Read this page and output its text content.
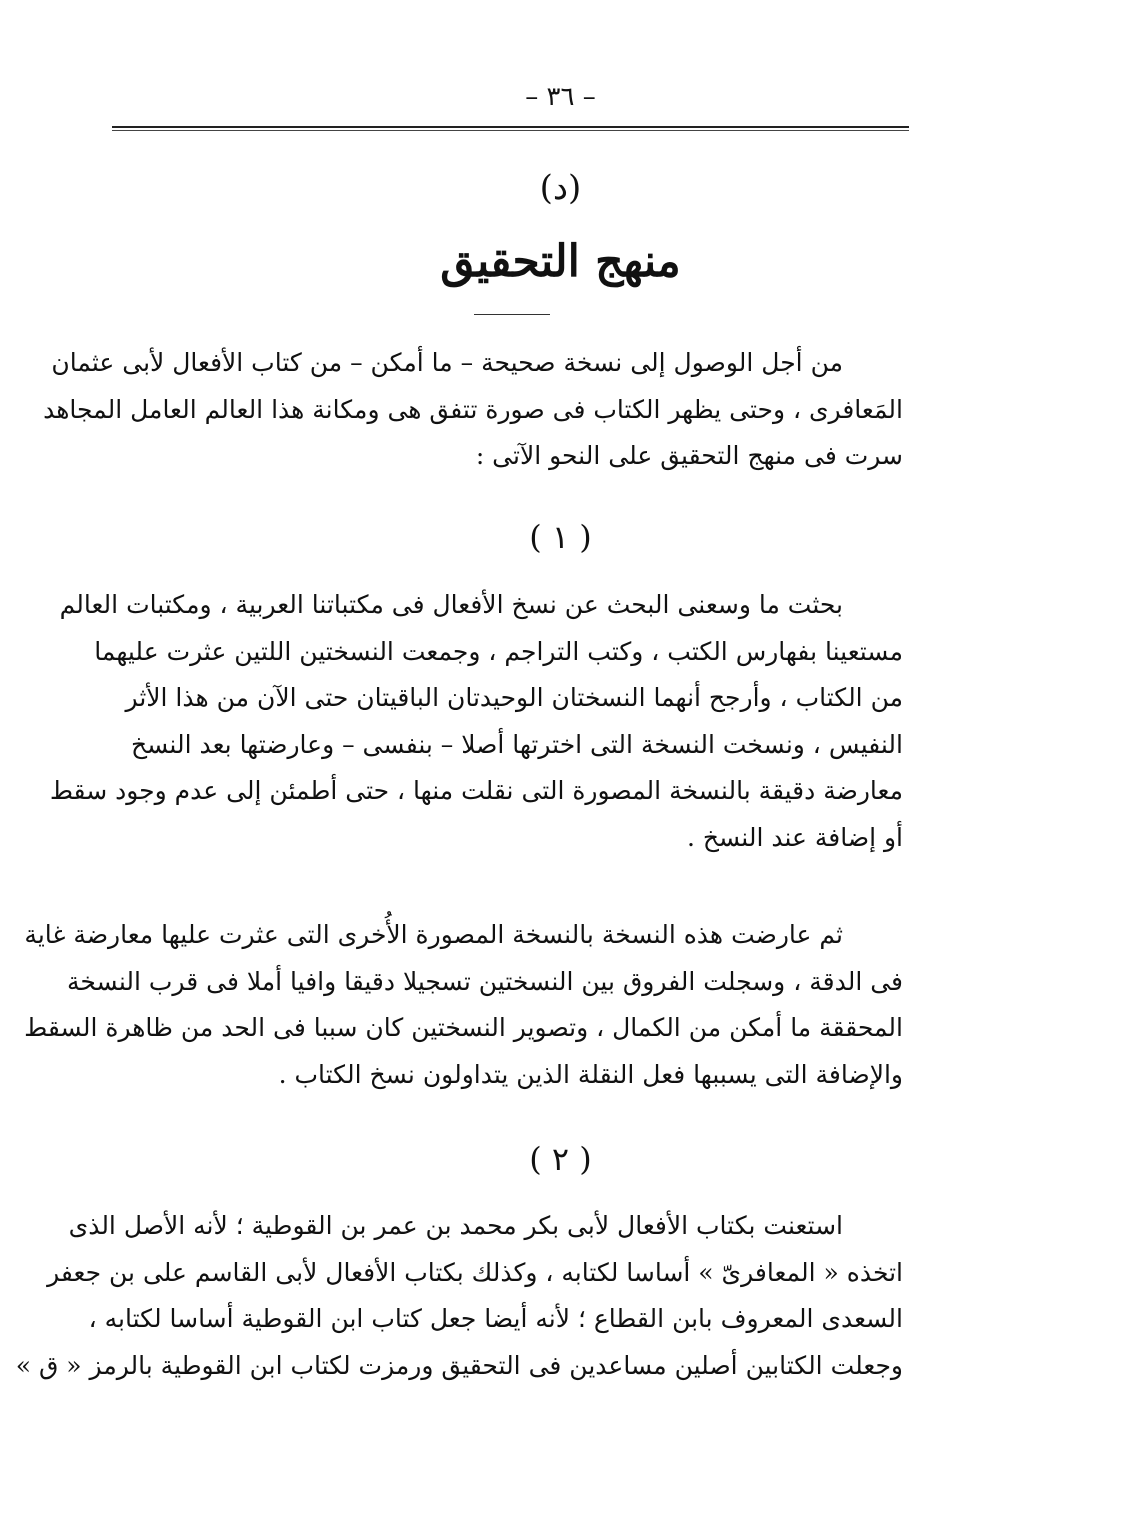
– ٣٦ –
(د)
منهج التحقيق
من أجل الوصول إلى نسخة صحيحة – ما أمكن – من كتاب الأفعال لأبى عثمان
المَعافرى ، وحتى يظهر الكتاب فى صورة تتفق هى ومكانة هذا العالم العامل المجاهد
سرت فى منهج التحقيق على النحو الآتى :
( ١ )
بحثت ما وسعنى البحث عن نسخ الأفعال فى مكتباتنا العربية ، ومكتبات العالم
مستعينا بفهارس الكتب ، وكتب التراجم ، وجمعت النسختين اللتين عثرت عليهما
من الكتاب ، وأرجح أنهما النسختان الوحيدتان الباقيتان حتى الآن من هذا الأثر
النفيس ، ونسخت النسخة التى اخترتها أصلا – بنفسى – وعارضتها بعد النسخ
معارضة دقيقة بالنسخة المصورة التى نقلت منها ، حتى أطمئن إلى عدم وجود سقط
أو إضافة عند النسخ .
ثم عارضت هذه النسخة بالنسخة المصورة الأُخرى التى عثرت عليها معارضة غاية
فى الدقة ، وسجلت الفروق بين النسختين تسجيلا دقيقا وافيا أملا فى قرب النسخة
المحققة ما أمكن من الكمال ، وتصوير النسختين كان سببا فى الحد من ظاهرة السقط
والإضافة التى يسببها فعل النقلة الذين يتداولون نسخ الكتاب .
( ٢ )
استعنت بكتاب الأفعال لأبى بكر محمد بن عمر بن القوطية ؛ لأنه الأصل الذى
اتخذه « المعافرىّ » أساسا لكتابه ، وكذلك بكتاب الأفعال لأبى القاسم على بن جعفر
السعدى المعروف بابن القطاع ؛ لأنه أيضا جعل كتاب ابن القوطية أساسا لكتابه ،
وجعلت الكتابين أصلين مساعدين فى التحقيق ورمزت لكتاب ابن القوطية بالرمز « ق »
